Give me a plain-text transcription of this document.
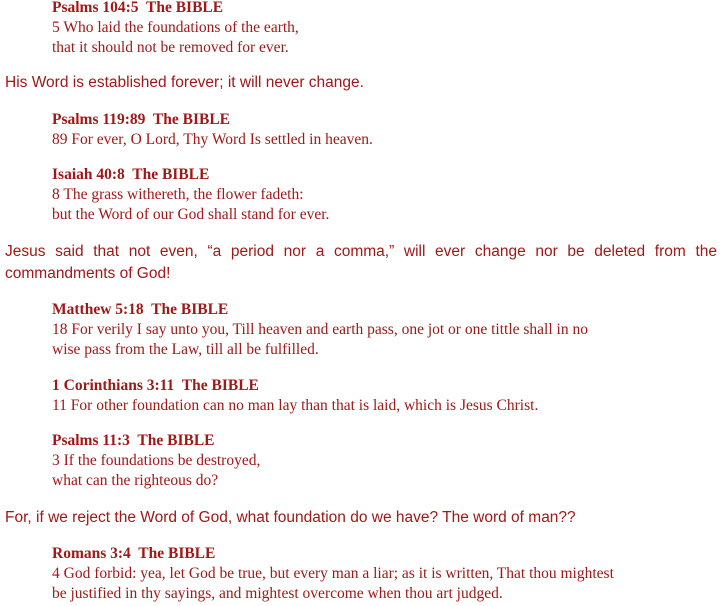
Psalms 104:5  The BIBLE
5 Who laid the foundations of the earth,
that it should not be removed for ever.
His Word is established forever; it will never change.
Psalms 119:89  The BIBLE
89 For ever, O Lord, Thy Word Is settled in heaven.
Isaiah 40:8  The BIBLE
8 The grass withereth, the flower fadeth:
but the Word of our God shall stand for ever.
Jesus said that not even, “a period nor a comma,” will ever change nor be deleted from the commandments of God!
Matthew 5:18  The BIBLE
18 For verily I say unto you, Till heaven and earth pass, one jot or one tittle shall in no
wise pass from the Law, till all be fulfilled.
1 Corinthians 3:11  The BIBLE
11 For other foundation can no man lay than that is laid, which is Jesus Christ.
Psalms 11:3  The BIBLE
3 If the foundations be destroyed,
what can the righteous do?
For, if we reject the Word of God, what foundation do we have? The word of man??
Romans 3:4  The BIBLE
4 God forbid: yea, let God be true, but every man a liar; as it is written, That thou mightest
be justified in thy sayings, and mightest overcome when thou art judged.
